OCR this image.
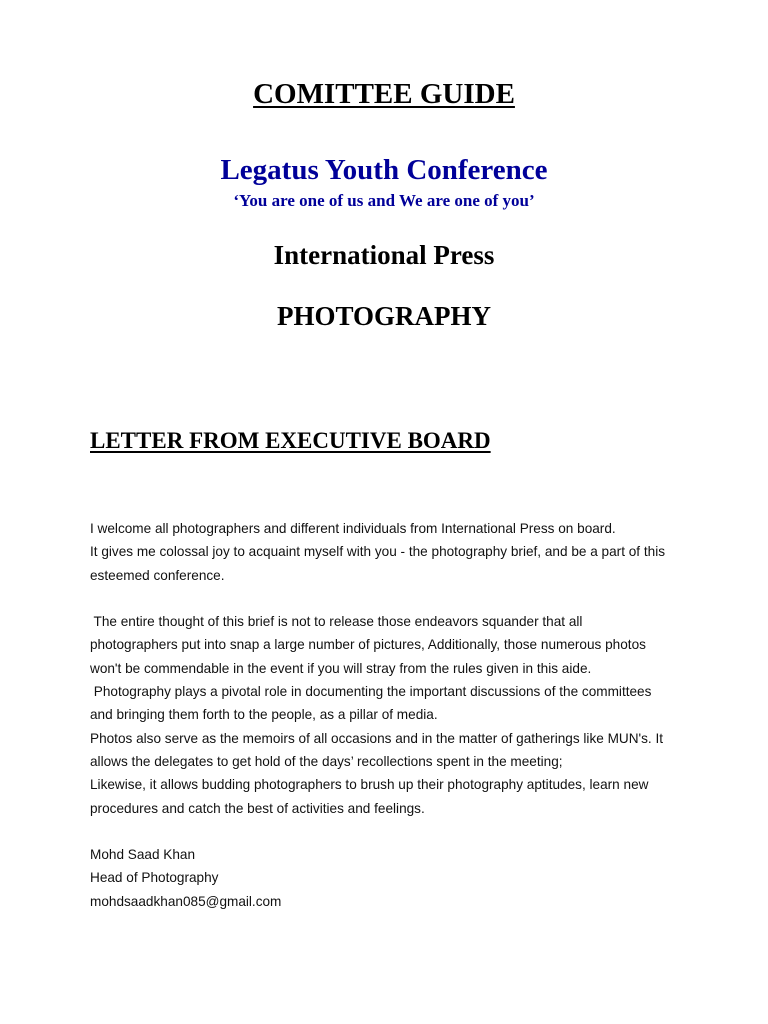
COMITTEE GUIDE
Legatus Youth Conference

‘You are one of us and We are one of you’

International Press
PHOTOGRAPHY
LETTER FROM EXECUTIVE BOARD
I welcome all photographers and different individuals from International Press on board.
It gives me colossal joy to acquaint myself with you - the photography brief, and be a part of this
esteemed conference.
The entire thought of this brief is not to release those endeavors squander that all
photographers put into snap a large number of pictures, Additionally, those numerous photos
won't be commendable in the event if you will stray from the rules given in this aide.
Photography plays a pivotal role in documenting the important discussions of the committees
and bringing them forth to the people, as a pillar of media.
Photos also serve as the memoirs of all occasions and in the matter of gatherings like MUN's. It
allows the delegates to get hold of the days’ recollections spent in the meeting;
Likewise, it allows budding photographers to brush up their photography aptitudes, learn new
procedures and catch the best of activities and feelings.
Mohd Saad Khan
Head of Photography
mohdsaadkhan085@gmail.com
